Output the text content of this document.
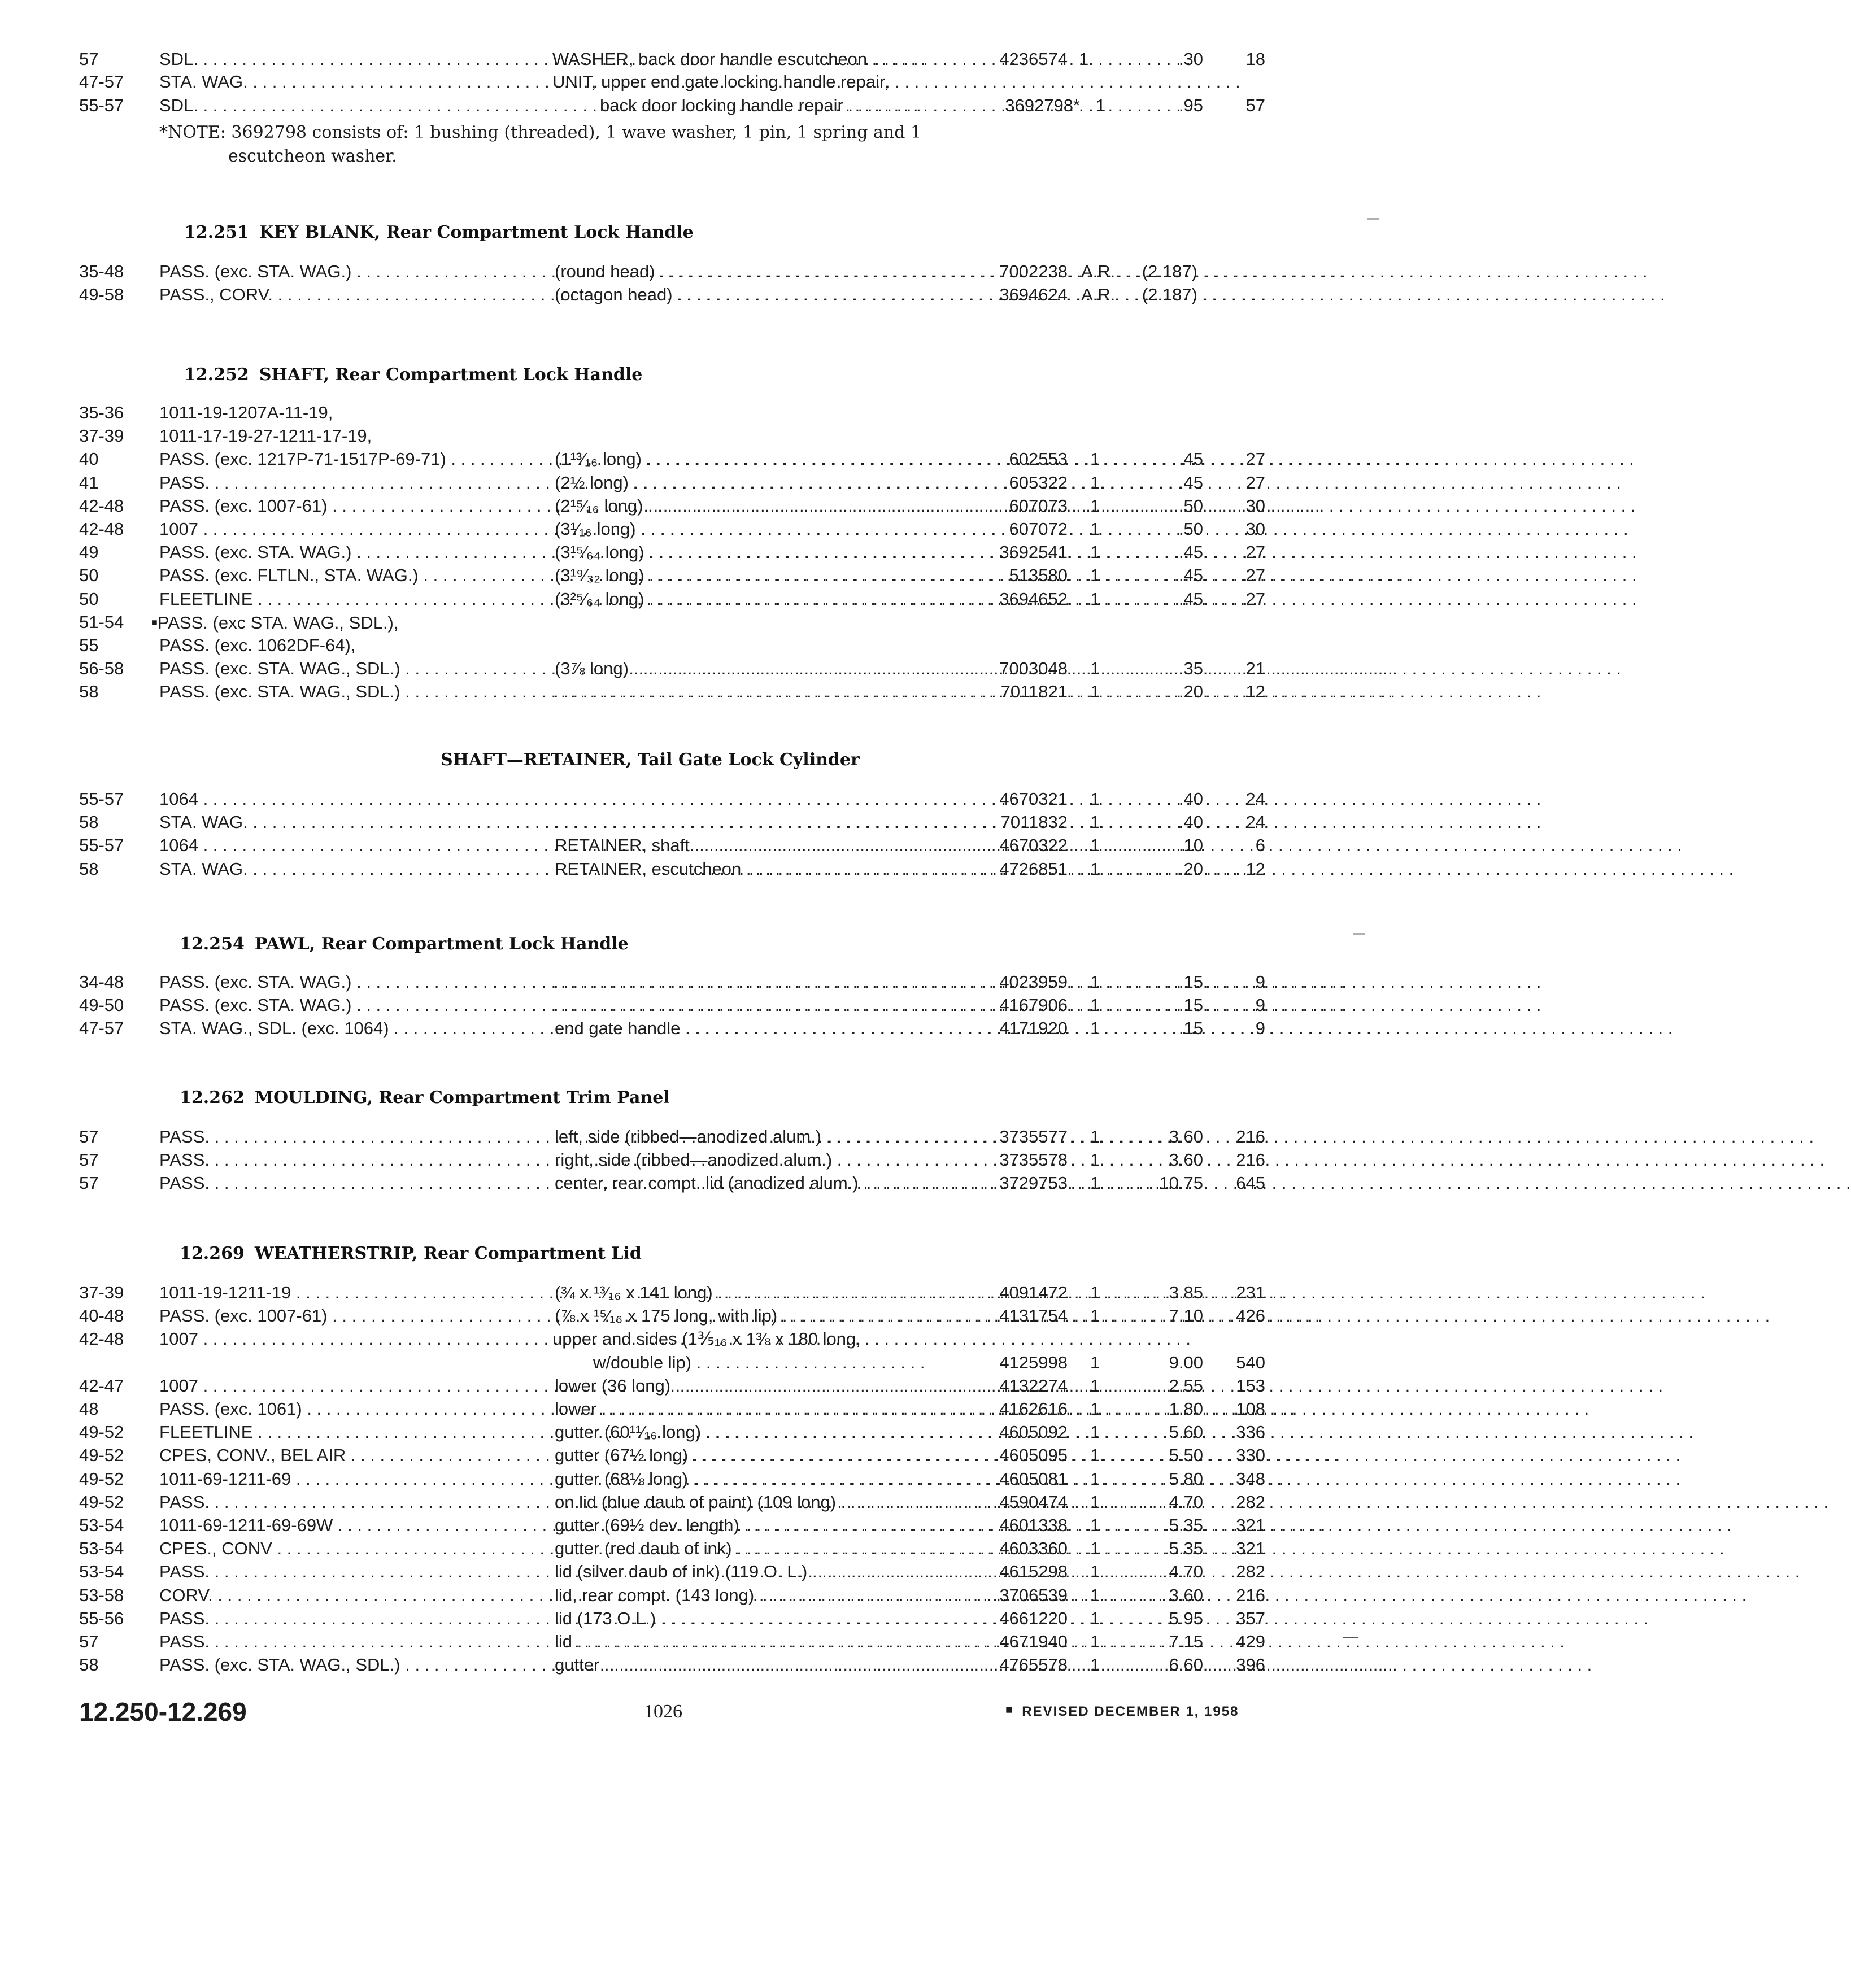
57	SDL. . . .	WASHER, back door handle escutcheon . . . . . .	4236574 1	.30	18
47-57	STA. WAG. . . .	UNIT, upper end gate locking handle repair,
55-57	SDL. . . .	back door locking handle repair . . . . . . . .	3692798* 1	.95	57
*NOTE: 3692798 consists of: 1 bushing (threaded), 1 wave washer, 1 pin, 1 spring and 1
escutcheon washer.
12.251 KEY BLANK, Rear Compartment Lock Handle
35-48	PASS. (exc. STA. WAG.) . . .	(round head) . . .	7002238 A.R.	(2.187)
49-58	PASS., CORV. . . .	(octagon head) . . .	3694624 A.R.	(2.187)
12.252 SHAFT, Rear Compartment Lock Handle
35-36	1011-19-1207A-11-19,
37-39	1011-17-19-27-1211-17-19,
40	PASS. (exc. 1217P-71-1517P-69-71) . . .	(1¹³⁄₁₆ long) . . .	602553 1	.45	27
41	PASS. . . .	(2½ long) . . .	605322 1	.45	27
42-48	PASS. (exc. 1007-61) . . .	(2¹⁵⁄₁₆ long) . . .	607073 1	.50	30
42-48	1007 . . .	(3¹⁄₁₆ long) . . .	607072 1	.50	30
49	PASS. (exc. STA. WAG.) . . .	(3¹⁵⁄₆₄ long) . . .	3692541 1	.45	27
50	PASS. (exc. FLTLN., STA. WAG.) . . .	(3¹⁹⁄₃₂ long) . . .	513580 1	.45	27
50	FLEETLINE . . .	(3²⁵⁄₆₄ long) . . .	3694652 1	.45	27
51-54	■PASS. (exc STA. WAG., SDL.),
55	PASS. (exc. 1062DF-64),
56-58	PASS. (exc. STA. WAG., SDL.) . . .	(3⅞ long) . . .	7003048 1	.35	21
58	PASS. (exc. STA. WAG., SDL.) . . . . . .	7011821 1	.20	12
SHAFT—RETAINER, Tail Gate Lock Cylinder
55-57	1064 . . . . . .	4670321 1	.40	24
58	STA. WAG. . . . . . .	7011832 1	.40	24
55-57	1064 . . .	RETAINER, shaft . . .	4670322 1	.10	6
58	STA. WAG. . . .	RETAINER, escutcheon . . .	4726851 1	.20	12
12.254 PAWL, Rear Compartment Lock Handle
34-48	PASS. (exc. STA. WAG.) . . . . . .	4023959 1	.15	9
49-50	PASS. (exc. STA. WAG.) . . . . . .	4167906 1	.15	9
47-57	STA. WAG., SDL. (exc. 1064) . . .	end gate handle . . .	4171920 1	.15	9
12.262 MOULDING, Rear Compartment Trim Panel
57	PASS. . . .	left, side (ribbed—anodized alum.) . . .	3735577 1	3.60	216
57	PASS. . . .	right, side (ribbed—anodized alum.) . . .	3735578 1	3.60	216
57	PASS. . . .	center, rear compt. lid (anodized alum.) . . .	3729753 1	10.75	645
12.269 WEATHERSTRIP, Rear Compartment Lid
37-39	1011-19-1211-19 . . .	(¾ x ¹³⁄₁₆ x 141 long) . . .	4091472 1	3.85	231
40-48	PASS. (exc. 1007-61) . . .	(⅞ x ¹⁵⁄₁₆ x 175 long, with lip) . . .	4131754 1	7.10	426
42-48	1007 . . .	upper and sides (1⅗₁₆ x 1⅜ x 180 long,
w/double lip) . . . . . . . . . . . . . . . . . . . . . . . .	4125998 1	9.00	540
42-47	1007 . . .	lower (36 long) . . .	4132274 1	2.55	153
48	PASS. (exc. 1061) . . .	lower . . .	4162616 1	1.80	108
49-52	FLEETLINE . . .	gutter (60¹¹⁄₁₆ long) . . .	4605092 1	5.60	336
49-52	CPES, CONV., BEL AIR . . .	gutter (67½ long) . . .	4605095 1	5.50	330
49-52	1011-69-1211-69 . . .	gutter (68⅛ long) . . .	4605081 1	5.80	348
49-52	PASS. . . .	on lid (blue daub of paint) (109 long) . . .	4590474 1	4.70	282
53-54	1011-69-1211-69-69W . . .	gutter (69½ dev. length) . . .	4601338 1	5.35	321
53-54	CPES., CONV . . .	gutter (red daub of ink) . . .	4603360 1	5.35	321
53-54	PASS. . . .	lid (silver daub of ink) (119 O. L.) . . .	4615298 1	4.70	282
53-58	CORV. . . .	lid, rear compt. (143 long) . . .	3706539 1	3.60	216
55-56	PASS. . . .	lid (173 O.L.) . . .	4661220 1	5.95	357
57	PASS. . . .	lid . . .	4671940 1	7.15	429
58	PASS. (exc. STA. WAG., SDL.) . . .	gutter . . .	4765578 1	6.60	396
12.250-12.269	1026	■ REVISED DECEMBER 1, 1958
